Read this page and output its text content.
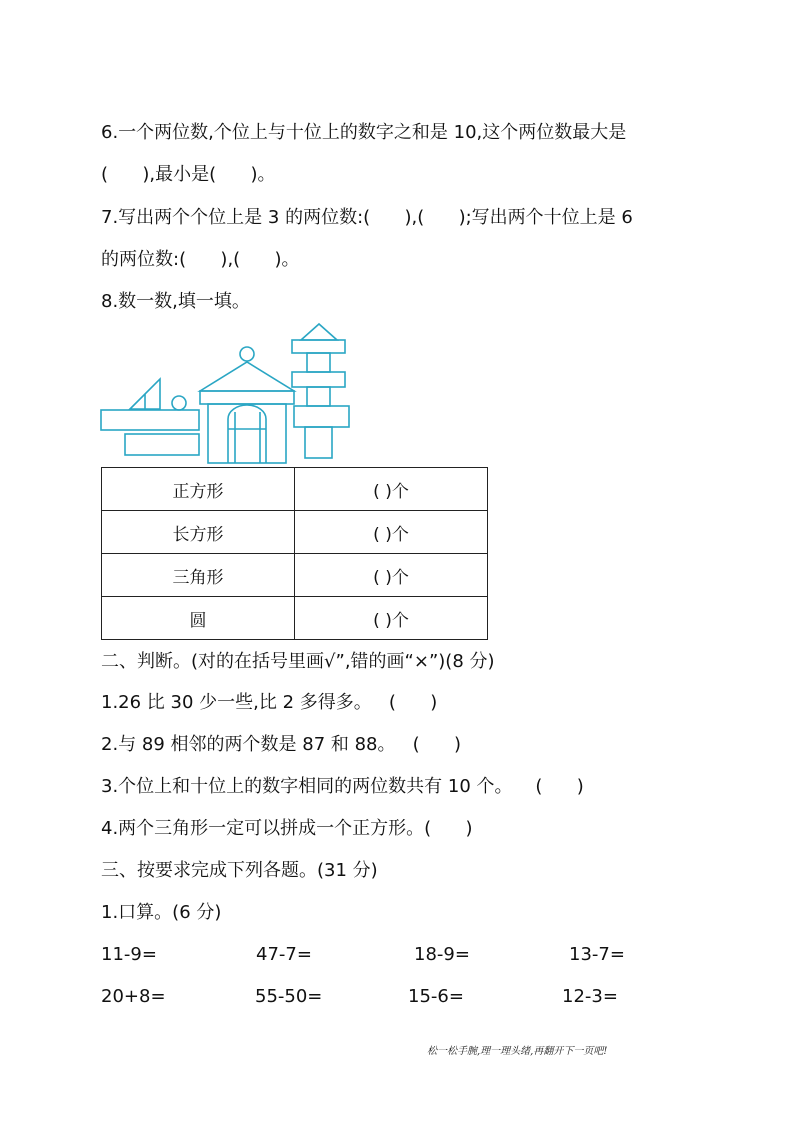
6.一个两位数,个位上与十位上的数字之和是 10,这个两位数最大是

(      ),最小是(      )。

7.写出两个个位上是 3 的两位数:(      ),(      );写出两个十位上是 6

的两位数:(      ),(      )。

8.数一数,填一填。

正方形	( )个
长方形	( )个
三角形	( )个
圆	( )个

二、判断。(对的在括号里画√”,错的画“×”)(8 分)

1.26 比 30 少一些,比 2 多得多。   (      )

2.与 89 相邻的两个数是 87 和 88。   (      )

3.个位上和十位上的数字相同的两位数共有 10 个。    (      )

4.两个三角形一定可以拼成一个正方形。(      )

三、按要求完成下列各题。(31 分)

1.口算。(6 分)

11-9=	47-7=	18-9=	13-7=

20+8=	55-50=	15-6=	12-3=

松一松手腕,理一理头绪,再翻开下一页吧!
